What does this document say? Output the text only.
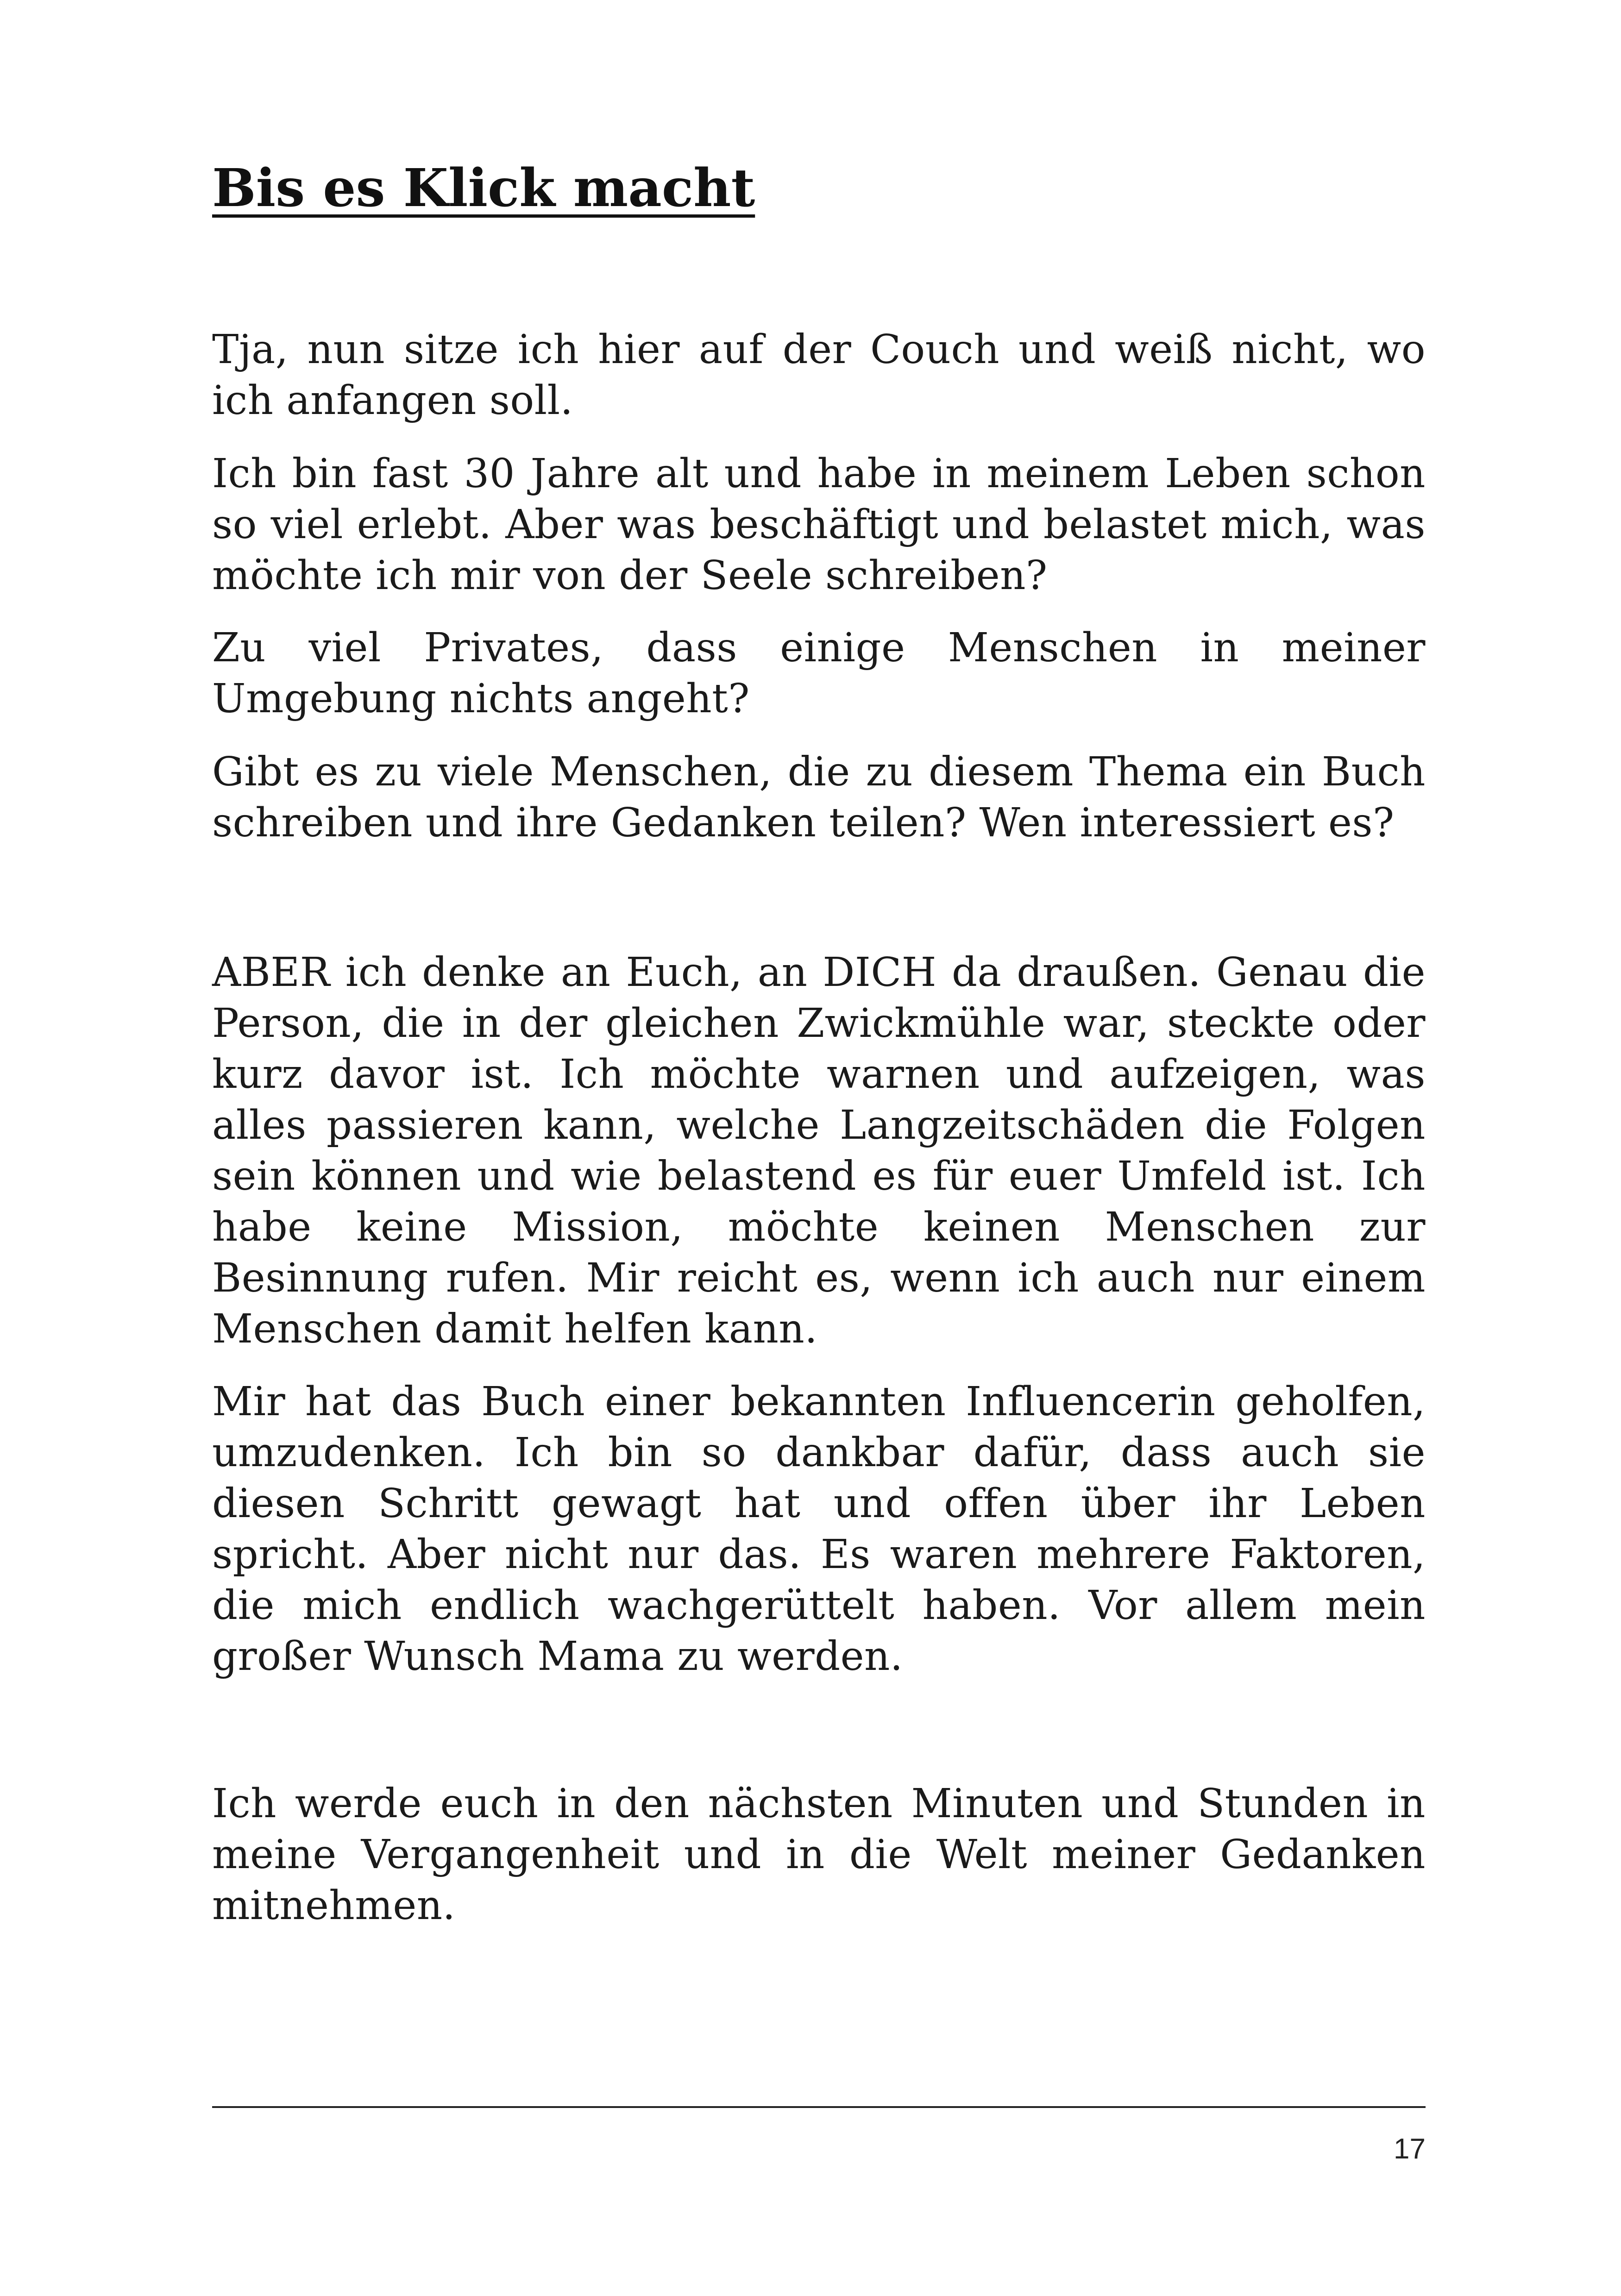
Bis es Klick macht

Tja, nun sitze ich hier auf der Couch und weiß nicht, wo ich anfangen soll.

Ich bin fast 30 Jahre alt und habe in meinem Leben schon so viel erlebt. Aber was beschäftigt und belastet mich, was möchte ich mir von der Seele schreiben?

Zu viel Privates, dass einige Menschen in meiner Umgebung nichts angeht?

Gibt es zu viele Menschen, die zu diesem Thema ein Buch schreiben und ihre Gedanken teilen? Wen interessiert es?

ABER ich denke an Euch, an DICH da draußen. Genau die Person, die in der gleichen Zwickmühle war, steckte oder kurz davor ist. Ich möchte warnen und aufzeigen, was alles passieren kann, welche Langzeitschäden die Folgen sein können und wie belastend es für euer Umfeld ist. Ich habe keine Mission, möchte keinen Menschen zur Besinnung rufen. Mir reicht es, wenn ich auch nur einem Menschen damit helfen kann.

Mir hat das Buch einer bekannten Influencerin geholfen, umzudenken. Ich bin so dankbar dafür, dass auch sie diesen Schritt gewagt hat und offen über ihr Leben spricht. Aber nicht nur das. Es waren mehrere Faktoren, die mich endlich wachgerüttelt haben. Vor allem mein großer Wunsch Mama zu werden.

Ich werde euch in den nächsten Minuten und Stunden in meine Vergangenheit und in die Welt meiner Gedanken mitnehmen.

17
